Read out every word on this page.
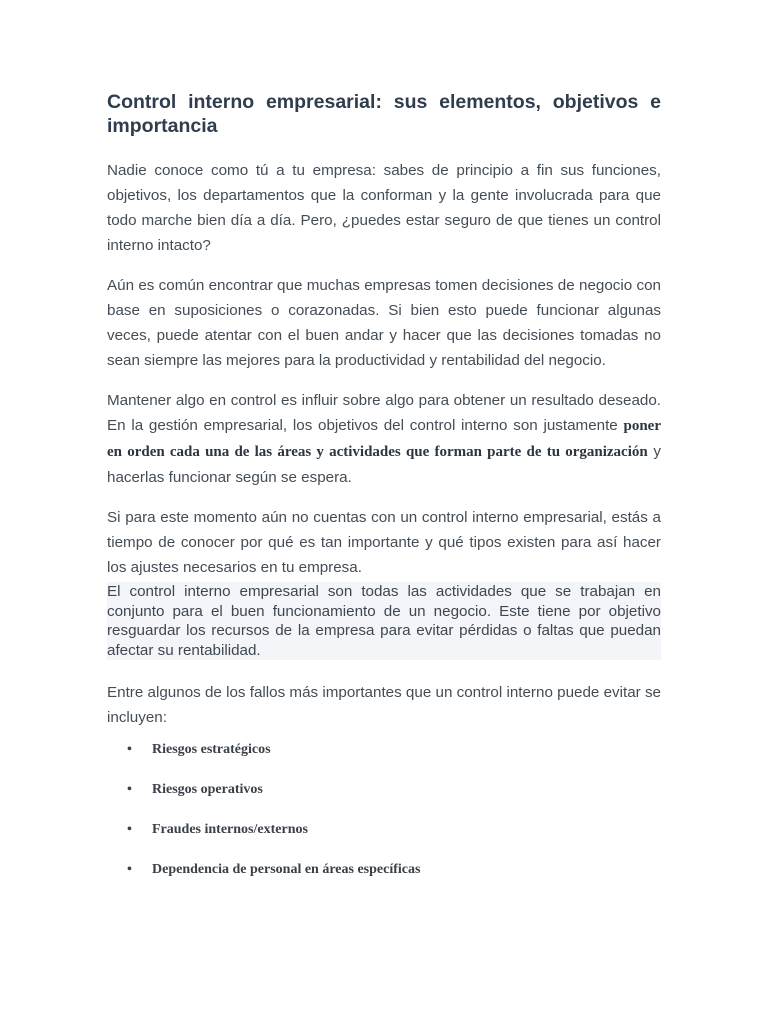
Control interno empresarial: sus elementos, objetivos e importancia

Nadie conoce como tú a tu empresa: sabes de principio a fin sus funciones, objetivos, los departamentos que la conforman y la gente involucrada para que todo marche bien día a día. Pero, ¿puedes estar seguro de que tienes un control interno intacto?

Aún es común encontrar que muchas empresas tomen decisiones de negocio con base en suposiciones o corazonadas. Si bien esto puede funcionar algunas veces, puede atentar con el buen andar y hacer que las decisiones tomadas no sean siempre las mejores para la productividad y rentabilidad del negocio.

Mantener algo en control es influir sobre algo para obtener un resultado deseado. En la gestión empresarial, los objetivos del control interno son justamente poner en orden cada una de las áreas y actividades que forman parte de tu organización y hacerlas funcionar según se espera.

Si para este momento aún no cuentas con un control interno empresarial, estás a tiempo de conocer por qué es tan importante y qué tipos existen para así hacer los ajustes necesarios en tu empresa.

El control interno empresarial son todas las actividades que se trabajan en conjunto para el buen funcionamiento de un negocio. Este tiene por objetivo resguardar los recursos de la empresa para evitar pérdidas o faltas que puedan afectar su rentabilidad.

Entre algunos de los fallos más importantes que un control interno puede evitar se incluyen:

• Riesgos estratégicos
• Riesgos operativos
• Fraudes internos/externos
• Dependencia de personal en áreas específicas
